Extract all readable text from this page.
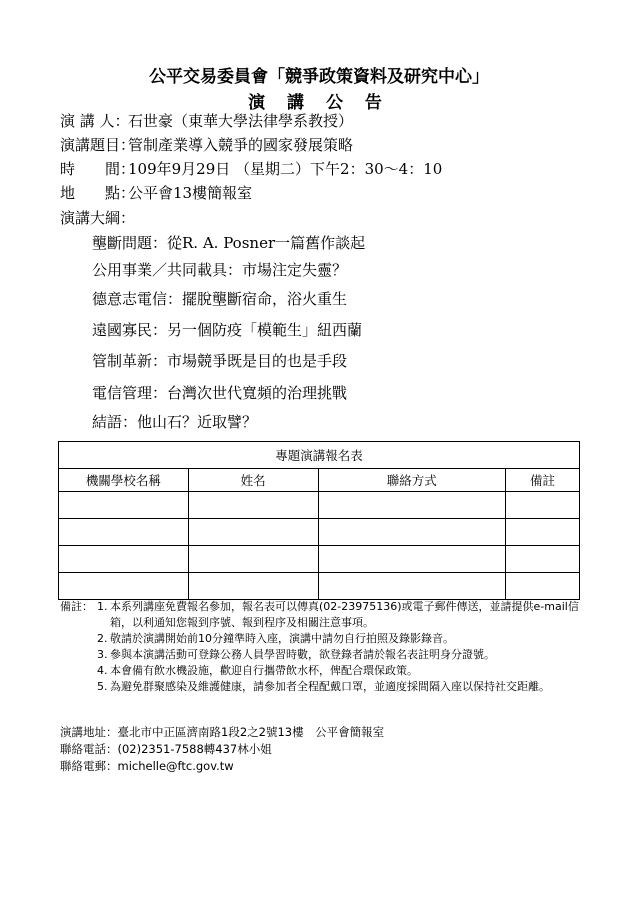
公平交易委員會「競爭政策資料及研究中心」
演 講 公 告
演 講 人：石世豪（東華大學法律學系教授）
演講題目：管制產業導入競爭的國家發展策略
時　　間：109年9月29日 （星期二）下午2：30～4：10
地　　點：公平會13樓簡報室
演講大綱：
壟斷問題：從R. A. Posner一篇舊作談起
公用事業／共同載具：市場注定失靈？
德意志電信：擺脫壟斷宿命，浴火重生
遠國寡民：另一個防疫「模範生」紐西蘭
管制革新：市場競爭既是目的也是手段
電信管理：台灣次世代寬頻的治理挑戰
結語：他山石？近取譬？
專題演講報名表			
機關學校名稱	姓名	聯絡方式	備註

備註： 1. 本系列講座免費報名參加，報名表可以傳真(02-23975136)或電子郵件傳送，並請提供e-mail信箱，以利通知您報到序號、報到程序及相關注意事項。
2. 敬請於演講開始前10分鐘準時入座，演講中請勿自行拍照及錄影錄音。
3. 參與本演講活動可登錄公務人員學習時數，欲登錄者請於報名表註明身分證號。
4. 本會備有飲水機設施，歡迎自行攜帶飲水杯，俾配合環保政策。
5. 為避免群聚感染及維護健康，請參加者全程配戴口罩，並適度採間隔入座以保持社交距離。
演講地址：臺北市中正區濟南路1段2之2號13樓　公平會簡報室
聯絡電話：(02)2351-7588轉437林小姐
聯絡電郵：michelle@ftc.gov.tw
